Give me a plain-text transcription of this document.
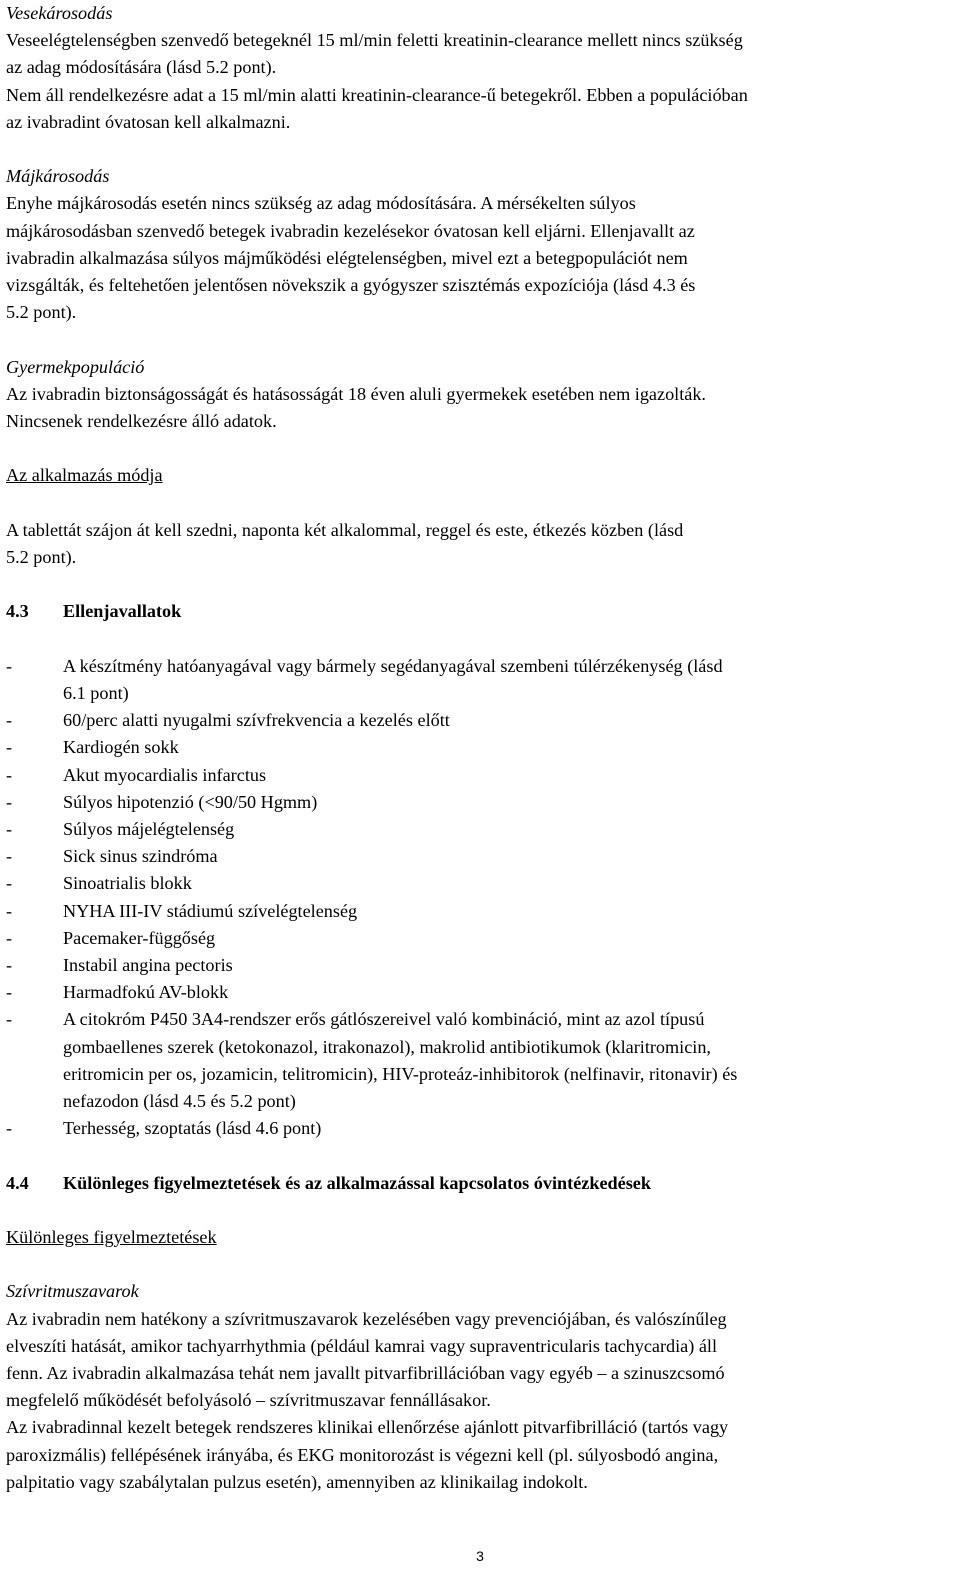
Vesekárosodás

Veseelégtelenségben szenvedő betegeknél 15 ml/min feletti kreatinin-clearance mellett nincs szükség

az adag módosítására (lásd 5.2 pont).

Nem áll rendelkezésre adat a 15 ml/min alatti kreatinin-clearance-ű betegekről. Ebben a populációban

az ivabradint óvatosan kell alkalmazni.

Májkárosodás

Enyhe májkárosodás esetén nincs szükség az adag módosítására. A mérsékelten súlyos

májkárosodásban szenvedő betegek ivabradin kezelésekor óvatosan kell eljárni. Ellenjavallt az

ivabradin alkalmazása súlyos májműködési elégtelenségben, mivel ezt a betegpopulációt nem

vizsgálták, és feltehetően jelentősen növekszik a gyógyszer szisztémás expozíciója (lásd 4.3 és

5.2 pont).

Gyermekpopuláció

Az ivabradin biztonságosságát és hatásosságát 18 éven aluli gyermekek esetében nem igazolták.

Nincsenek rendelkezésre álló adatok.

Az alkalmazás módja

A tablettát szájon át kell szedni, naponta két alkalommal, reggel és este, étkezés közben (lásd

5.2 pont).

4.3	Ellenjavallatok
-	A készítmény hatóanyagával vagy bármely segédanyagával szembeni túlérzékenység (lásd
6.1 pont)
-	60/perc alatti nyugalmi szívfrekvencia a kezelés előtt
-	Kardiogén sokk
-	Akut myocardialis infarctus
-	Súlyos hipotenzió (<90/50 Hgmm)
-	Súlyos májelégtelenség
-	Sick sinus szindróma
-	Sinoatrialis blokk
-	NYHA III-IV stádiumú szívelégtelenség
-	Pacemaker-függőség
-	Instabil angina pectoris
-	Harmadfokú AV-blokk
-	A citokróm P450 3A4-rendszer erős gátlószereivel való kombináció, mint az azol típusú
gombaellenes szerek (ketokonazol, itrakonazol), makrolid antibiotikumok (klaritromicin,
eritromicin per os, jozamicin, telitromicin), HIV-proteáz-inhibitorok (nelfinavir, ritonavir) és
nefazodon (lásd 4.5 és 5.2 pont)
-	Terhesség, szoptatás (lásd 4.6 pont)
4.4	Különleges figyelmeztetések és az alkalmazással kapcsolatos óvintézkedések

Különleges figyelmeztetések

Szívritmuszavarok

Az ivabradin nem hatékony a szívritmuszavarok kezelésében vagy prevenciójában, és valószínűleg

elveszíti hatását, amikor tachyarrhythmia (például kamrai vagy supraventricularis tachycardia) áll

fenn. Az ivabradin alkalmazása tehát nem javallt pitvarfibrillációban vagy egyéb – a szinuszcsomó

megfelelő működését befolyásoló – szívritmuszavar fennállásakor.

Az ivabradinnal kezelt betegek rendszeres klinikai ellenőrzése ajánlott pitvarfibrilláció (tartós vagy

paroxizmális) fellépésének irányába, és EKG monitorozást is végezni kell (pl. súlyosbodó angina,

palpitatio vagy szabálytalan pulzus esetén), amennyiben az klinikailag indokolt.

3
